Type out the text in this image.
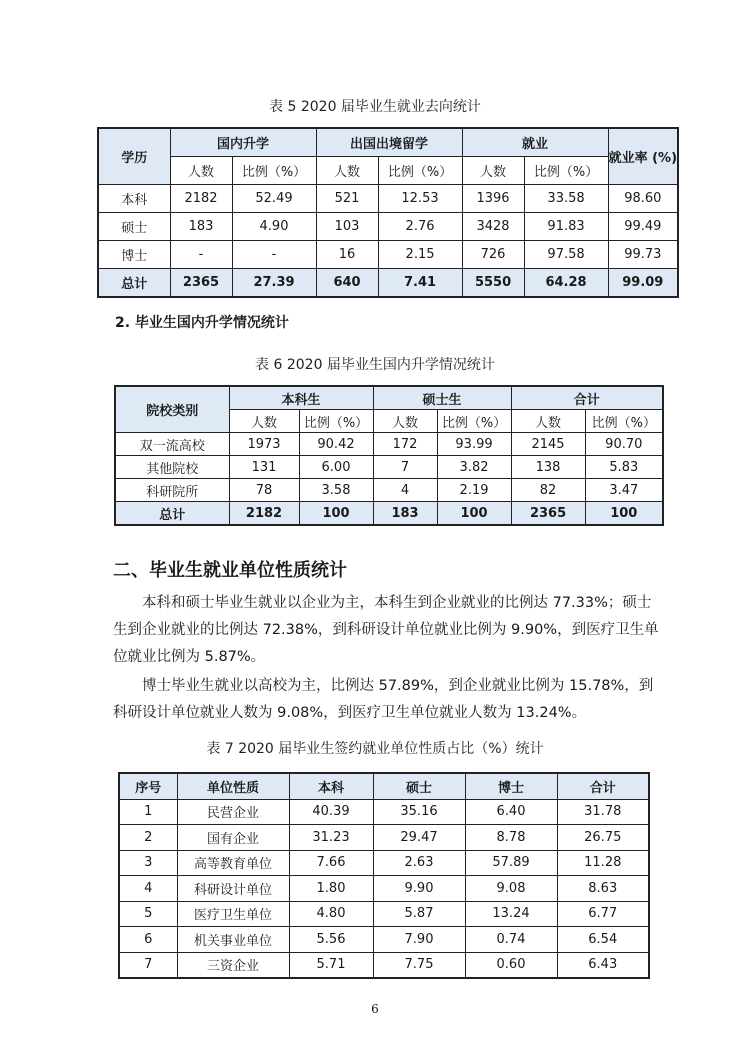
表 5 2020 届毕业生就业去向统计
学历	国内升学		出国出境留学		就业		就业率 (%)
	人数	比例（%）	人数	比例（%）	人数	比例（%）	
本科	2182	52.49	521	12.53	1396	33.58	98.60
硕士	183	4.90	103	2.76	3428	91.83	99.49
博士	-	-	16	2.15	726	97.58	99.73
总计	2365	27.39	640	7.41	5550	64.28	99.09
2. 毕业生国内升学情况统计
表 6 2020 届毕业生国内升学情况统计
院校类别	本科生		硕士生		合计	
	人数	比例（%）	人数	比例（%）	人数	比例（%）
双一流高校	1973	90.42	172	93.99	2145	90.70
其他院校	131	6.00	7	3.82	138	5.83
科研院所	78	3.58	4	2.19	82	3.47
总计	2182	100	183	100	2365	100
二、毕业生就业单位性质统计

本科和硕士毕业生就业以企业为主，本科生到企业就业的比例达 77.33%；硕士生到企业就业的比例达 72.38%，到科研设计单位就业比例为 9.90%，到医疗卫生单位就业比例为 5.87%。

博士毕业生就业以高校为主，比例达 57.89%，到企业就业比例为 15.78%，到科研设计单位就业人数为 9.08%，到医疗卫生单位就业人数为 13.24%。

表 7 2020 届毕业生签约就业单位性质占比（%）统计
序号	单位性质	本科	硕士	博士	合计
1	民营企业	40.39	35.16	6.40	31.78
2	国有企业	31.23	29.47	8.78	26.75
3	高等教育单位	7.66	2.63	57.89	11.28
4	科研设计单位	1.80	9.90	9.08	8.63
5	医疗卫生单位	4.80	5.87	13.24	6.77
6	机关事业单位	5.56	7.90	0.74	6.54
7	三资企业	5.71	7.75	0.60	6.43
6
